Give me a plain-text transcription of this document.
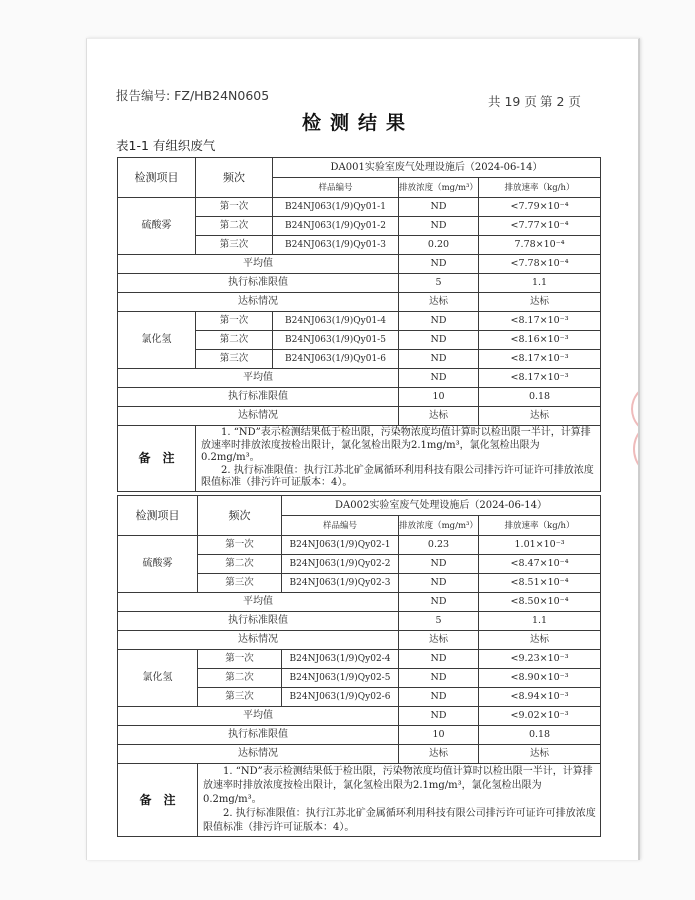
报告编号: FZ/HB24N0605	共 19 页 第 2 页
检测结果
表1-1 有组织废气
检测项目	频次	DA001实验室废气处理设施后（2024-06-14）		
		样品编号	排放浓度（mg/m³）	排放速率（kg/h）
硫酸雾	第一次	B24NJ063(1/9)Qy01-1	ND	<7.79×10⁻⁴
	第二次	B24NJ063(1/9)Qy01-2	ND	<7.77×10⁻⁴
	第三次	B24NJ063(1/9)Qy01-3	0.20	7.78×10⁻⁴
平均值			ND	<7.78×10⁻⁴
执行标准限值			5	1.1
达标情况			达标	达标
氯化氢	第一次	B24NJ063(1/9)Qy01-4	ND	<8.17×10⁻³
	第二次	B24NJ063(1/9)Qy01-5	ND	<8.16×10⁻³
	第三次	B24NJ063(1/9)Qy01-6	ND	<8.17×10⁻³
平均值			ND	<8.17×10⁻³
执行标准限值			10	0.18
达标情况			达标	达标
备注	1. “ND”表示检测结果低于检出限，污染物浓度均值计算时以检出限一半计，计算排放速率时排放浓度按检出限计，氯化氢检出限为2.1mg/m³，氯化氢检出限为0.2mg/m³。

2. 执行标准限值：执行江苏北矿金属循环利用科技有限公司排污许可证许可排放浓度限值标准（排污许可证版本：4）。			

检测项目	频次	DA002实验室废气处理设施后（2024-06-14）		
		样品编号	排放浓度（mg/m³）	排放速率（kg/h）
硫酸雾	第一次	B24NJ063(1/9)Qy02-1	0.23	1.01×10⁻³
	第二次	B24NJ063(1/9)Qy02-2	ND	<8.47×10⁻⁴
	第三次	B24NJ063(1/9)Qy02-3	ND	<8.51×10⁻⁴
平均值			ND	<8.50×10⁻⁴
执行标准限值			5	1.1
达标情况			达标	达标
氯化氢	第一次	B24NJ063(1/9)Qy02-4	ND	<9.23×10⁻³
	第二次	B24NJ063(1/9)Qy02-5	ND	<8.90×10⁻³
	第三次	B24NJ063(1/9)Qy02-6	ND	<8.94×10⁻³
平均值			ND	<9.02×10⁻³
执行标准限值			10	0.18
达标情况			达标	达标
备注	1. “ND”表示检测结果低于检出限，污染物浓度均值计算时以检出限一半计，计算排放速率时排放浓度按检出限计，氯化氢检出限为2.1mg/m³，氯化氢检出限为0.2mg/m³。

2. 执行标准限值：执行江苏北矿金属循环利用科技有限公司排污许可证许可排放浓度限值标准（排污许可证版本：4）。			
